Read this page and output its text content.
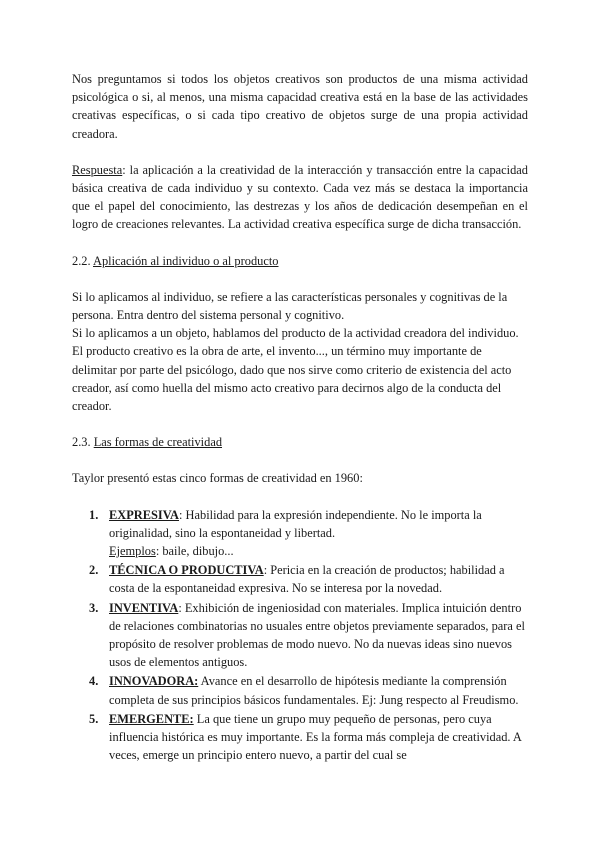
Nos preguntamos si todos los objetos creativos son productos de una misma actividad psicológica o si, al menos, una misma capacidad creativa está en la base de las actividades creativas específicas, o si cada tipo creativo de objetos surge de una propia actividad creadora.

Respuesta: la aplicación a la creatividad de la interacción y transacción entre la capacidad básica creativa de cada individuo y su contexto. Cada vez más se destaca la importancia que el papel del conocimiento, las destrezas y los años de dedicación desempeñan en el logro de creaciones relevantes. La actividad creativa específica surge de dicha transacción.

2.2. Aplicación al individuo o al producto

Si lo aplicamos al individuo, se refiere a las características personales y cognitivas de la persona. Entra dentro del sistema personal y cognitivo.

Si lo aplicamos a un objeto, hablamos del producto de la actividad creadora del individuo. El producto creativo es la obra de arte, el invento..., un término muy importante de delimitar por parte del psicólogo, dado que nos sirve como criterio de existencia del acto creador, así como huella del mismo acto creativo para decirnos algo de la conducta del creador.

2.3. Las formas de creatividad

Taylor presentó estas cinco formas de creatividad en 1960:

1. EXPRESIVA: Habilidad para la expresión independiente. No le importa la originalidad, sino la espontaneidad y libertad.
Ejemplos: baile, dibujo...
2. TÉCNICA O PRODUCTIVA: Pericia en la creación de productos; habilidad a costa de la espontaneidad expresiva. No se interesa por la novedad.
3. INVENTIVA: Exhibición de ingeniosidad con materiales. Implica intuición dentro de relaciones combinatorias no usuales entre objetos previamente separados, para el propósito de resolver problemas de modo nuevo. No da nuevas ideas sino nuevos usos de elementos antiguos.
4. INNOVADORA: Avance en el desarrollo de hipótesis mediante la comprensión completa de sus principios básicos fundamentales. Ej: Jung respecto al Freudismo.
5. EMERGENTE: La que tiene un grupo muy pequeño de personas, pero cuya influencia histórica es muy importante. Es la forma más compleja de creatividad. A veces, emerge un principio entero nuevo, a partir del cual se
